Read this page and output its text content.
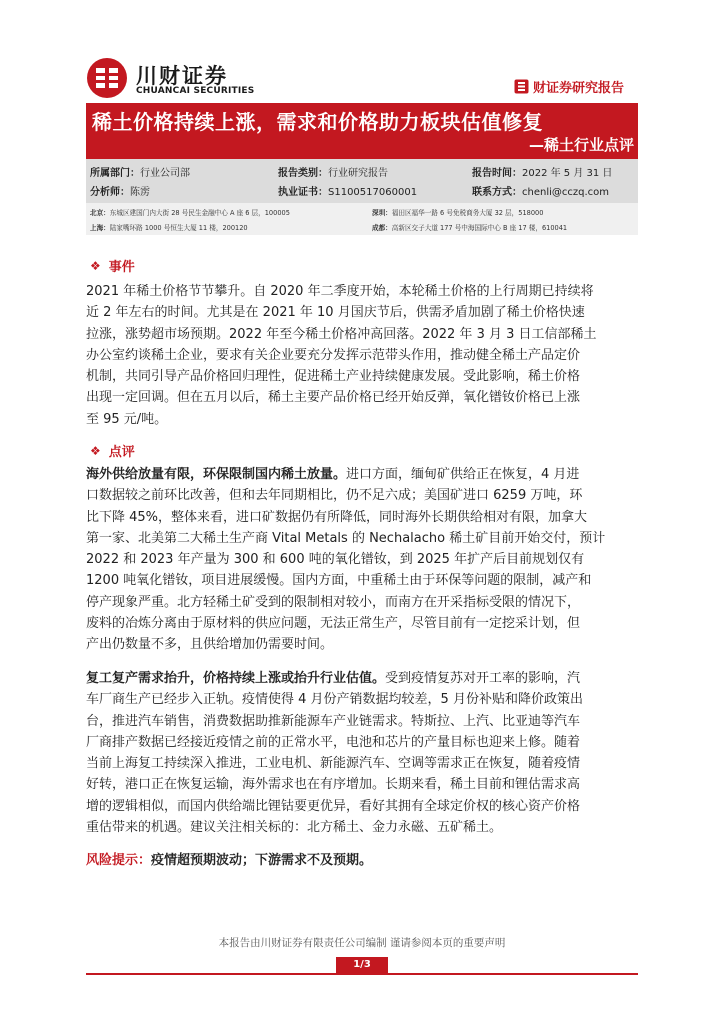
川财证券
CHUANCAI SECURITIES	财证券研究报告
稀土价格持续上涨，需求和价格助力板块估值修复
—稀土行业点评
所属部门：行业公司部	报告类别：行业研究报告	报告时间：2022 年 5 月 31 日
分析师：陈雳	执业证书：S1100517060001	联系方式：chenli@cczq.com
北京：东城区建国门内大街 28 号民生金融中心 A 座 6 层，100005	深圳：福田区福华一路 6 号免税商务大厦 32 层，518000
上海：陆家嘴环路 1000 号恒生大厦 11 楼，200120	成都：高新区交子大道 177 号中海国际中心 B 座 17 楼，610041
❖ 事件
2021 年稀土价格节节攀升。自 2020 年二季度开始，本轮稀土价格的上行周期已持续将
近 2 年左右的时间。尤其是在 2021 年 10 月国庆节后，供需矛盾加剧了稀土价格快速
拉涨，涨势超市场预期。2022 年至今稀土价格冲高回落。2022 年 3 月 3 日工信部稀土
办公室约谈稀土企业，要求有关企业要充分发挥示范带头作用，推动健全稀土产品定价
机制，共同引导产品价格回归理性，促进稀土产业持续健康发展。受此影响，稀土价格
出现一定回调。但在五月以后，稀土主要产品价格已经开始反弹，氧化镨钕价格已上涨
至 95 元/吨。
❖ 点评
海外供给放量有限，环保限制国内稀土放量。进口方面，缅甸矿供给正在恢复，4 月进
口数据较之前环比改善，但和去年同期相比，仍不足六成；美国矿进口 6259 万吨，环
比下降 45%，整体来看，进口矿数据仍有所降低，同时海外长期供给相对有限，加拿大
第一家、北美第二大稀土生产商 Vital Metals 的 Nechalacho 稀土矿目前开始交付，预计
2022 和 2023 年产量为 300 和 600 吨的氧化镨钕，到 2025 年扩产后目前规划仅有
1200 吨氧化镨钕，项目进展缓慢。国内方面，中重稀土由于环保等问题的限制，减产和
停产现象严重。北方轻稀土矿受到的限制相对较小，而南方在开采指标受限的情况下，
废料的冶炼分离由于原材料的供应问题，无法正常生产，尽管目前有一定挖采计划，但
产出仍数量不多，且供给增加仍需要时间。
复工复产需求抬升，价格持续上涨或抬升行业估值。受到疫情复苏对开工率的影响，汽
车厂商生产已经步入正轨。疫情使得 4 月份产销数据均较差，5 月份补贴和降价政策出
台，推进汽车销售，消费数据助推新能源车产业链需求。特斯拉、上汽、比亚迪等汽车
厂商排产数据已经接近疫情之前的正常水平，电池和芯片的产量目标也迎来上修。随着
当前上海复工持续深入推进，工业电机、新能源汽车、空调等需求正在恢复，随着疫情
好转，港口正在恢复运输，海外需求也在有序增加。长期来看，稀土目前和锂估需求高
增的逻辑相似，而国内供给端比锂钴要更优异，看好其拥有全球定价权的核心资产价格
重估带来的机遇。建议关注相关标的：北方稀土、金力永磁、五矿稀土。
风险提示：疫情超预期波动；下游需求不及预期。
本报告由川财证券有限责任公司编制 谨请参阅本页的重要声明
1/3
